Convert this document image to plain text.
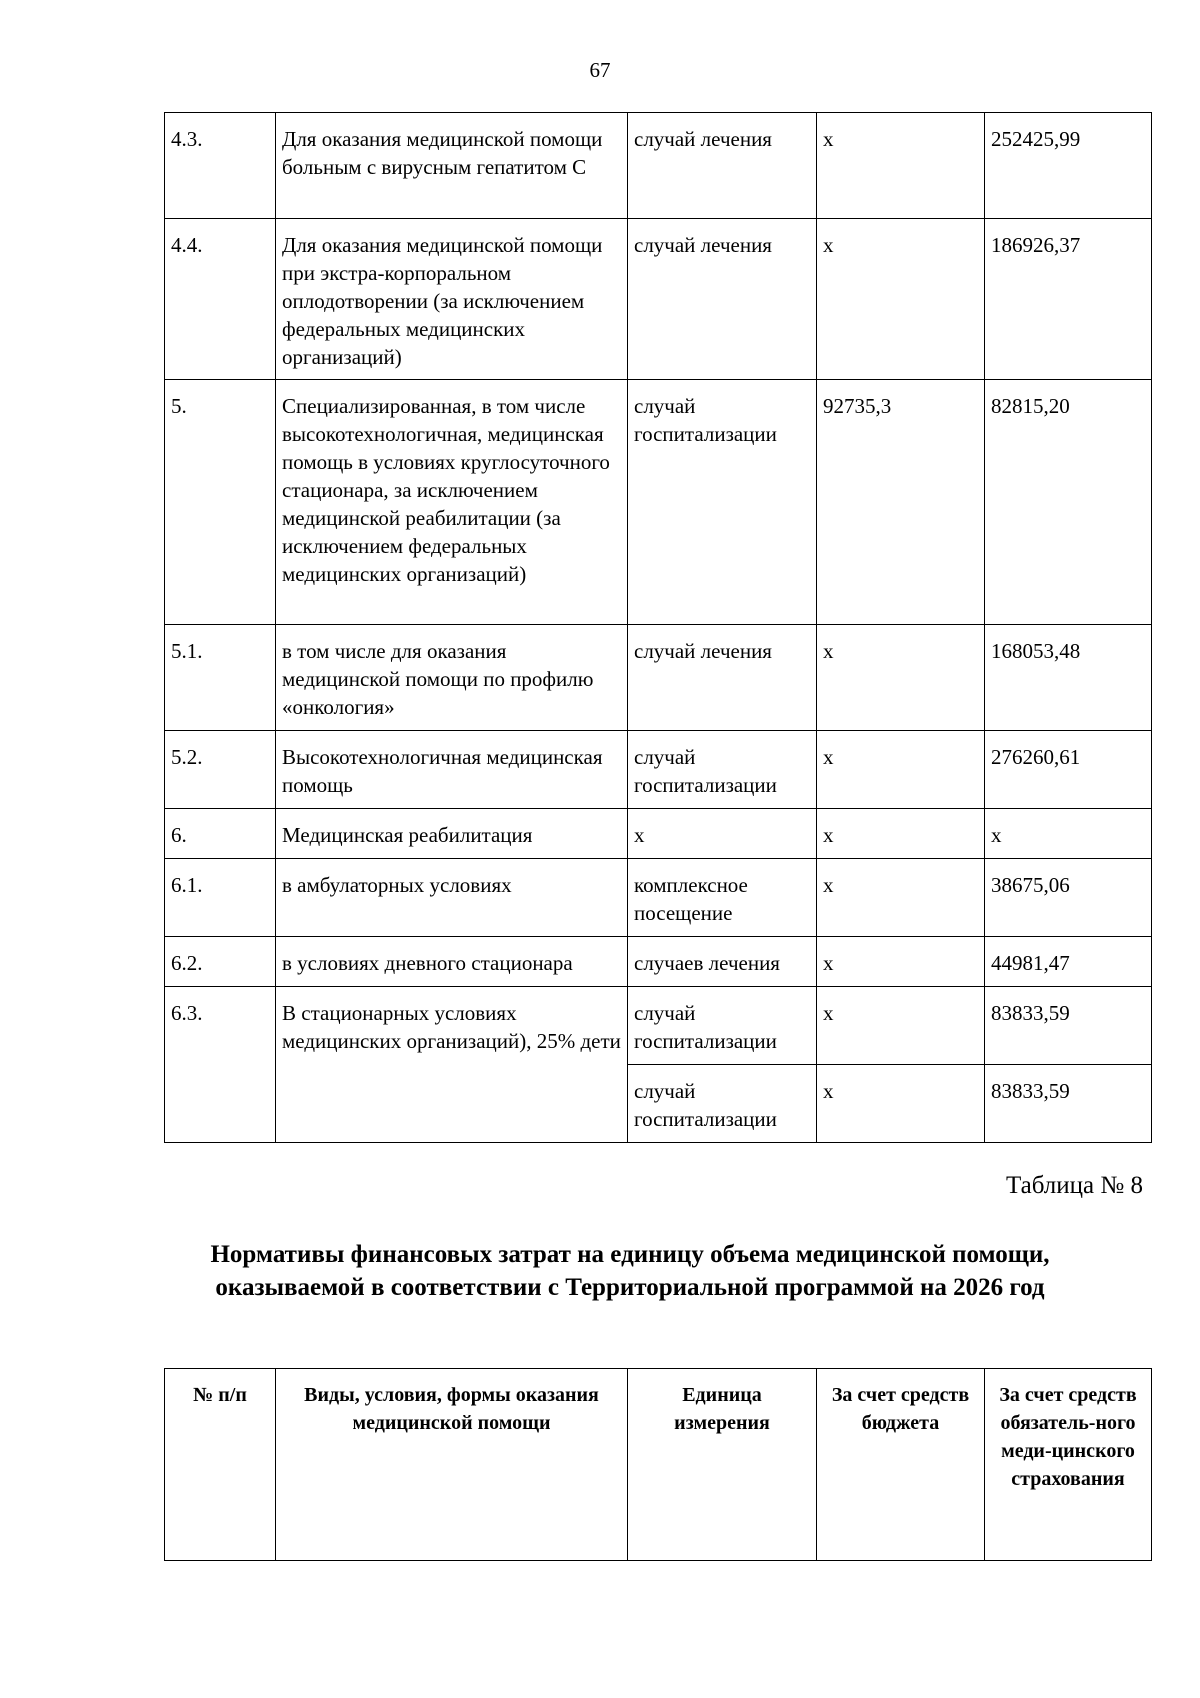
67
4.3.	Для оказания медицинской помощи больным с вирусным гепатитом С	случай лечения	x	252425,99
4.4.	Для оказания медицинской помощи при экстра-корпоральном оплодотворении (за исключением федеральных медицинских организаций)	случай лечения	x	186926,37
5.	Специализированная, в том числе высокотехнологичная, медицинская помощь в условиях круглосуточного стационара, за исключением медицинской реабилитации (за исключением федеральных медицинских организаций)	случай госпитализации	92735,3	82815,20
5.1.	в том числе для оказания медицинской помощи по профилю «онкология»	случай лечения	x	168053,48
5.2.	Высокотехнологичная медицинская помощь	случай госпитализации	x	276260,61
6.	Медицинская реабилитация	x	x	x
6.1.	в амбулаторных условиях	комплексное посещение	x	38675,06
6.2.	в условиях дневного стационара	случаев лечения	x	44981,47
6.3.	В стационарных условиях медицинских организаций), 25% дети	случай госпитализации	x	83833,59
		случай госпитализации	x	83833,59
Таблица № 8
Нормативы финансовых затрат на единицу объема медицинской помощи, оказываемой в соответствии с Территориальной программой на 2026 год
№ п/п	Виды, условия, формы оказания медицинской помощи	Единица измерения	За счет средств бюджета	За счет средств обязатель-ного меди-цинского страхования
